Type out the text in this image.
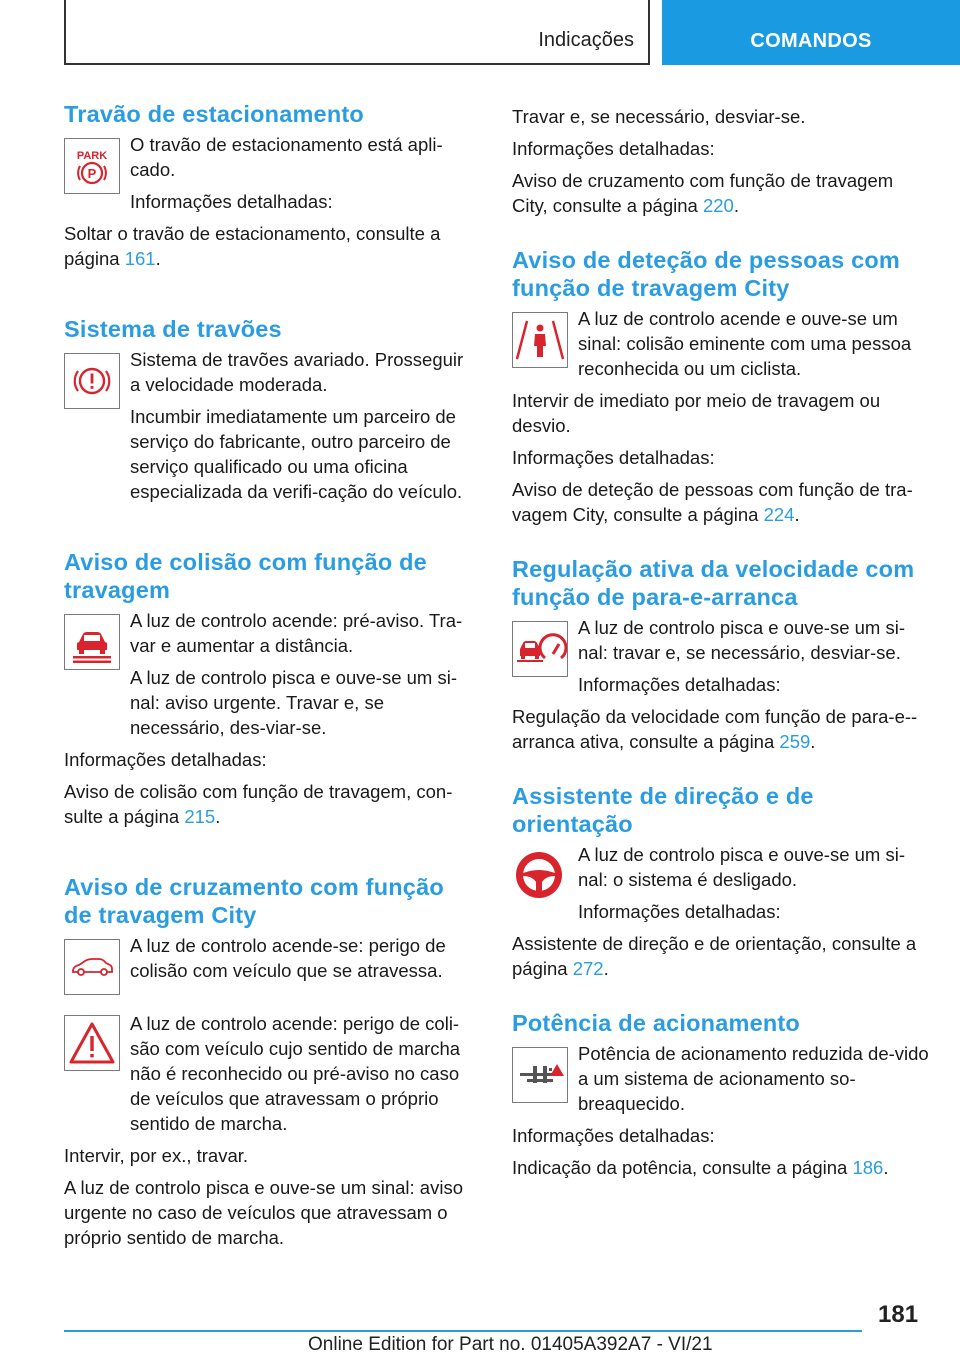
Indicações	COMANDOS
Travão de estacionamento
PARK
P

O travão de estacionamento está apli-cado.

Informações detalhadas:

Soltar o travão de estacionamento, consulte a página 161.

Sistema de travões

Sistema de travões avariado. Prosseguir a velocidade moderada.

Incumbir imediatamente um parceiro de serviço do fabricante, outro parceiro de serviço qualificado ou uma oficina especializada da verifi-cação do veículo.

Aviso de colisão com função de travagem

A luz de controlo acende: pré-aviso. Tra-var e aumentar a distância.

A luz de controlo pisca e ouve-se um si-nal: aviso urgente. Travar e, se necessário, des-viar-se.

Informações detalhadas:

Aviso de colisão com função de travagem, con-sulte a página 215.

Aviso de cruzamento com função de travagem City

A luz de controlo acende-se: perigo de colisão com veículo que se atravessa.

A luz de controlo acende: perigo de coli-são com veículo cujo sentido de marcha não é reconhecido ou pré-aviso no caso de veículos que atravessam o próprio sentido de marcha.

Intervir, por ex., travar.

A luz de controlo pisca e ouve-se um sinal: aviso urgente no caso de veículos que atravessam o próprio sentido de marcha.

Travar e, se necessário, desviar-se.

Informações detalhadas:

Aviso de cruzamento com função de travagem City, consulte a página 220.

Aviso de deteção de pessoas com função de travagem City

A luz de controlo acende e ouve-se um sinal: colisão eminente com uma pessoa reconhecida ou um ciclista.

Intervir de imediato por meio de travagem ou desvio.

Informações detalhadas:

Aviso de deteção de pessoas com função de tra-vagem City, consulte a página 224.

Regulação ativa da velocidade com função de para-e-arranca

A luz de controlo pisca e ouve-se um si-nal: travar e, se necessário, desviar-se.

Informações detalhadas:

Regulação da velocidade com função de para-e--arranca ativa, consulte a página 259.

Assistente de direção e de orientação

A luz de controlo pisca e ouve-se um si-nal: o sistema é desligado.

Informações detalhadas:

Assistente de direção e de orientação, consulte a página 272.

Potência de acionamento

Potência de acionamento reduzida de-vido a um sistema de acionamento so-breaquecido.

Informações detalhadas:

Indicação da potência, consulte a página 186.

181
Online Edition for Part no. 01405A392A7 - VI/21
